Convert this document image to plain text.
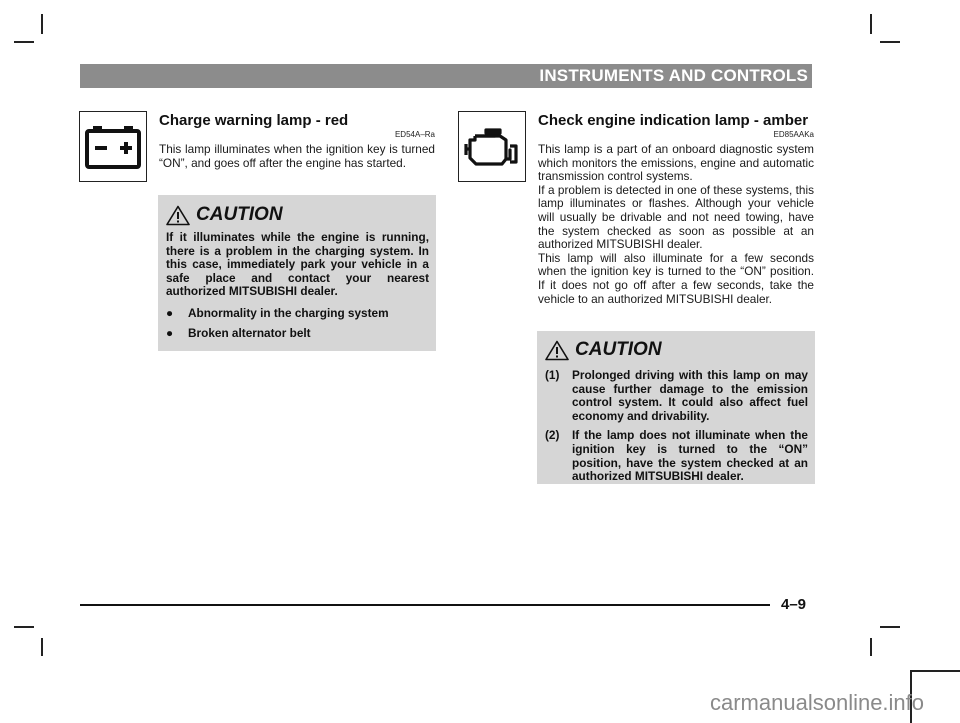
INSTRUMENTS AND CONTROLS
Charge warning lamp - red
ED54A–Ra
This lamp illuminates when the ignition key is turned “ON”, and goes off after the engine has started.
CAUTION
If it illuminates while the engine is running, there is a problem in the charging system. In this case, immediately park your vehicle in a safe place and contact your nearest authorized MITSUBISHI dealer.
●	Abnormality in the charging system
●	Broken alternator belt
Check engine indication lamp - amber
ED85AAKa
This lamp is a part of an onboard diagnostic system which monitors the emissions, engine and automatic transmission control systems.
If a problem is detected in one of these systems, this lamp illuminates or flashes. Although your vehicle will usually be drivable and not need towing, have the system checked as soon as possible at an authorized MITSUBISHI dealer.
This lamp will also illuminate for a few seconds when the ignition key is turned to the “ON” position. If it does not go off after a few seconds, take the vehicle to an authorized MITSUBISHI dealer.
CAUTION
(1)	Prolonged driving with this lamp on may cause further damage to the emission control system. It could also affect fuel economy and drivability.
(2)	If the lamp does not illuminate when the ignition key is turned to the “ON” position, have the system checked at an authorized MITSUBISHI dealer.
4–9
carmanualsonline.info
